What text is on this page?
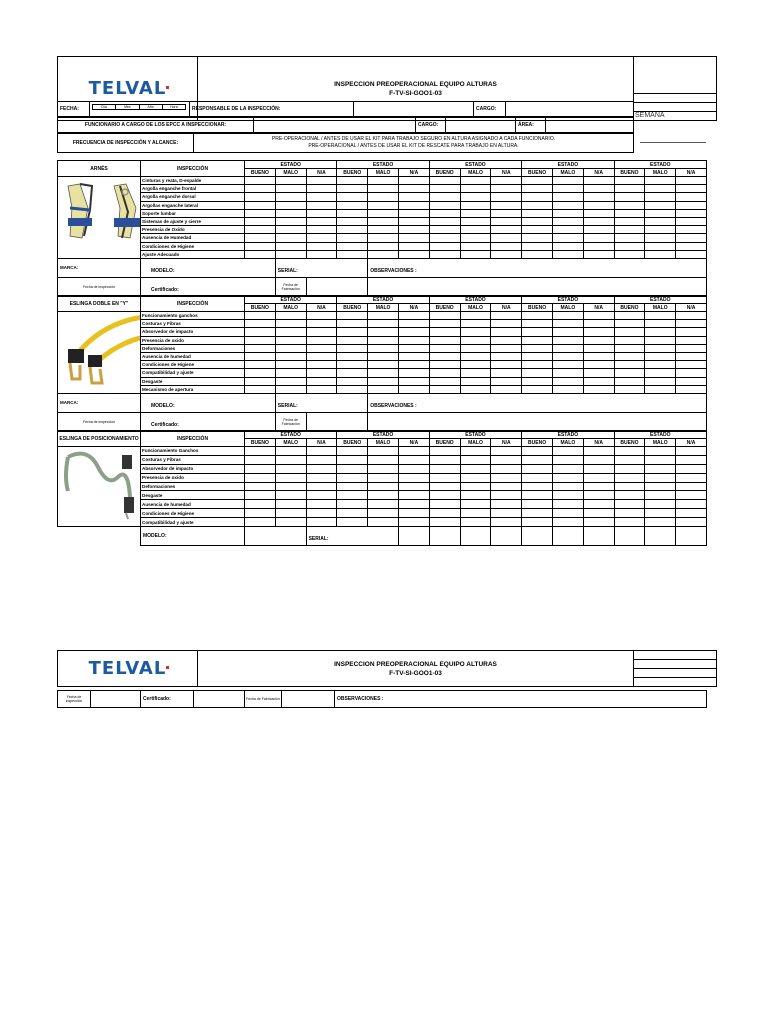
TELVAL	INSPECCION PREOPERACIONAL EQUIPO ALTURAS
F-TV-SI-GOO1-03

FECHA:		Día	Mes	Año	Hora
		RESPONSABLE DE LA INSPECCIÓN:		CARGO:	
FUNCIONARIO A CARGO DE LOS EPCC A INSPECCIONAR:		CARGO:		ÁREA:	
SEMANA
FRECUENCIA DE INSPECCIÓN Y ALCANCE:	
PRE-OPERACIONAL / ANTES DE USAR EL KIT PARA TRABAJO SEGURO EN ALTURA ASIGNADO A CADA FUNCIONARIO.
PRE-OPERACIONAL / ANTES DE USAR EL KIT DE RESCATE PARA TRABAJO EN ALTURA.
ARNÉS	INSPECCIÓN	ESTADO			ESTADO			ESTADO			ESTADO			ESTADO		
		BUENO	MALO	N/A	BUENO	MALO	N/A	BUENO	MALO	N/A	BUENO	MALO	N/A	BUENO	MALO	N/A
	Cinturas y reata, D-espalde															
	Argolla enganche frontal															
	Argolla enganche dorsal															
	Argollas enganche lateral															
	Soporte lumbar															
	Sistemas de ajuste y cierre															
	Presencia de Oxido															
	Ausencia de Humedad															
	Condiciones de Higiene															
	Ajuste Adecuado															
MARCA:	MODELO:		SERIAL:			OBSERVACIONES :										
Fecha de inspección	Certificado:		Fecha de Fabricación													
ESLINGA DOBLE EN "Y"	INSPECCIÓN	ESTADO			ESTADO			ESTADO			ESTADO			ESTADO		
		BUENO	MALO	N/A	BUENO	MALO	N/A	BUENO	MALO	N/A	BUENO	MALO	N/A	BUENO	MALO	N/A
	Funcionamiento ganchos															
	Costuras y Fibras															
	Absorvedor de impacto															
	Presencia de oxido															
	Deformaciones															
	Ausencia de humedad															
	Condiciones de Higiene															
	Compatibilidad y ajuste															
	Desgaste															
	Mecanismo de apertura															
MARCA:	MODELO:		SERIAL:			OBSERVACIONES :										
Fecha de inspección	Certificado:		Fecha de Fabricación													
ESLINGA DE POSICIONAMIENTO	INSPECCIÓN	ESTADO			ESTADO			ESTADO			ESTADO			ESTADO		
		BUENO	MALO	N/A	BUENO	MALO	N/A	BUENO	MALO	N/A	BUENO	MALO	N/A	BUENO	MALO	N/A
	Funcionamiento Ganchos															
	Costuras y Fibras															
	Absorvedor de impacto															
	Presencia de oxido															
	Deformaciones															
	Desgaste															
	Ausencia de humedad															
	Condiciones de Higiene															
	Compatibilidad y ajuste															
	MODELO:			SERIAL:												
TELVAL	INSPECCION PREOPERACIONAL EQUIPO ALTURAS
F-TV-SI-GOO1-03

Fecha de inspección		Certificado:		Fecha de Fabricación		OBSERVACIONES :
